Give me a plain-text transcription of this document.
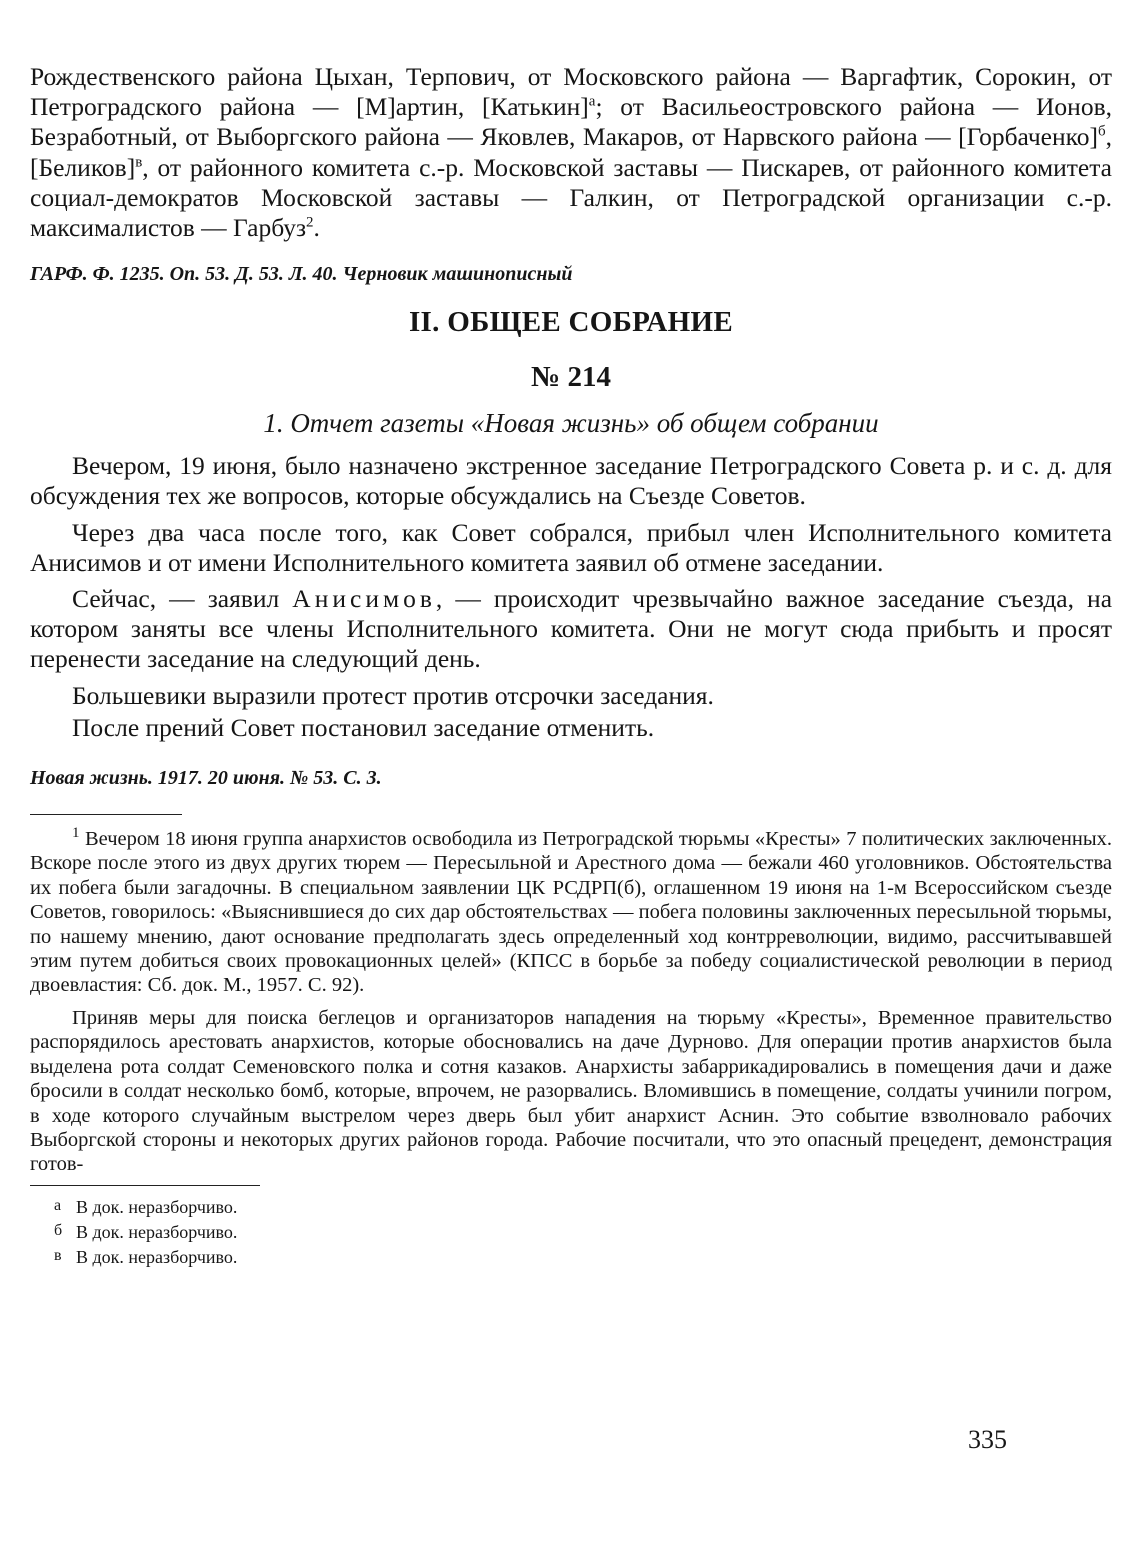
Рождественского района Цыхан, Терпович, от Московского района — Варгафтик, Сорокин, от Петроградского района — [М]артин, [Катькин]$^а$; от Васильеостровского района — Ионов, Безработный, от Выборгского района — Яковлев, Макаров, от Нарвского района — [Горбаченко]$^б$, [Беликов]$^в$, от районного комитета с.-р. Московской заставы — Пискарев, от районного комитета социал-демократов Московской заставы — Галкин, от Петроградской организации с.-р. максималистов — Гарбуз$^2$.

ГАРФ. Ф. 1235. Оп. 53. Д. 53. Л. 40. Черновик машинописный

II. ОБЩЕЕ СОБРАНИЕ
№ 214
1. Отчет газеты «Новая жизнь» об общем собрании

Вечером, 19 июня, было назначено экстренное заседание Петроградского Совета р. и с. д. для обсуждения тех же вопросов, которые обсуждались на Съезде Советов.

Через два часа после того, как Совет собрался, прибыл член Исполнительного комитета Анисимов и от имени Исполнительного комитета заявил об отмене заседании.

Сейчас, — заявил Анисимов, — происходит чрезвычайно важное заседание съезда, на котором заняты все члены Исполнительного комитета. Они не могут сюда прибыть и просят перенести заседание на следующий день.

Большевики выразили протест против отсрочки заседания.

После прений Совет постановил заседание отменить.

Новая жизнь. 1917. 20 июня. № 53. С. 3.

$^1$ Вечером 18 июня группа анархистов освободила из Петроградской тюрьмы «Кресты» 7 политических заключенных. Вскоре после этого из двух других тюрем — Пересыльной и Арестного дома — бежали 460 уголовников. Обстоятельства их побега были загадочны. В специальном заявлении ЦК РСДРП(б), оглашенном 19 июня на 1-м Всероссийском съезде Советов, говорилось: «Выяснившиеся до сих дар обстоятельствах — побега половины заключенных пересыльной тюрьмы, по нашему мнению, дают основание предполагать здесь определенный ход контрреволюции, видимо, рассчитывавшей этим путем добиться своих провокационных целей» (КПСС в борьбе за победу социалистической революции в период двоевластия: Сб. док. М., 1957. С. 92).

Приняв меры для поиска беглецов и организаторов нападения на тюрьму «Кресты», Временное правительство распорядилось арестовать анархистов, которые обосновались на даче Дурново. Для операции против анархистов была выделена рота солдат Семеновского полка и сотня казаков. Анархисты забаррикадировались в помещения дачи и даже бросили в солдат несколько бомб, которые, впрочем, не разорвались. Вломившись в помещение, солдаты учинили погром, в ходе которого случайным выстрелом через дверь был убит анархист Аснин. Это событие взволновало рабочих Выборгской стороны и некоторых других районов города. Рабочие посчитали, что это опасный прецедент, демонстрация готов-

а В док. неразборчиво.

б В док. неразборчиво.

в В док. неразборчиво.

335
